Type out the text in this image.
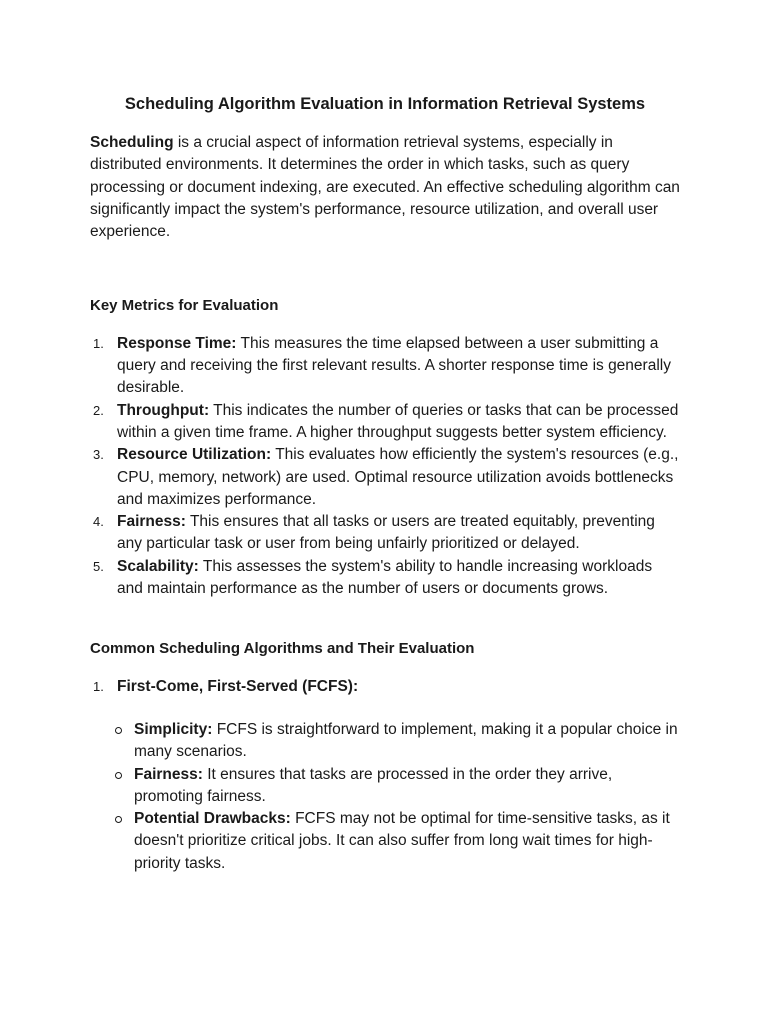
Scheduling Algorithm Evaluation in Information Retrieval Systems

Scheduling is a crucial aspect of information retrieval systems, especially in distributed environments. It determines the order in which tasks, such as query processing or document indexing, are executed. An effective scheduling algorithm can significantly impact the system's performance, resource utilization, and overall user experience.

Key Metrics for Evaluation

1. Response Time: This measures the time elapsed between a user submitting a query and receiving the first relevant results. A shorter response time is generally desirable.
2. Throughput: This indicates the number of queries or tasks that can be processed within a given time frame. A higher throughput suggests better system efficiency.
3. Resource Utilization: This evaluates how efficiently the system's resources (e.g., CPU, memory, network) are used. Optimal resource utilization avoids bottlenecks and maximizes performance.
4. Fairness: This ensures that all tasks or users are treated equitably, preventing any particular task or user from being unfairly prioritized or delayed.
5. Scalability: This assesses the system's ability to handle increasing workloads and maintain performance as the number of users or documents grows.

Common Scheduling Algorithms and Their Evaluation

1. First-Come, First-Served (FCFS):
Simplicity: FCFS is straightforward to implement, making it a popular choice in many scenarios.
Fairness: It ensures that tasks are processed in the order they arrive, promoting fairness.
Potential Drawbacks: FCFS may not be optimal for time-sensitive tasks, as it doesn't prioritize critical jobs. It can also suffer from long wait times for high-priority tasks.
